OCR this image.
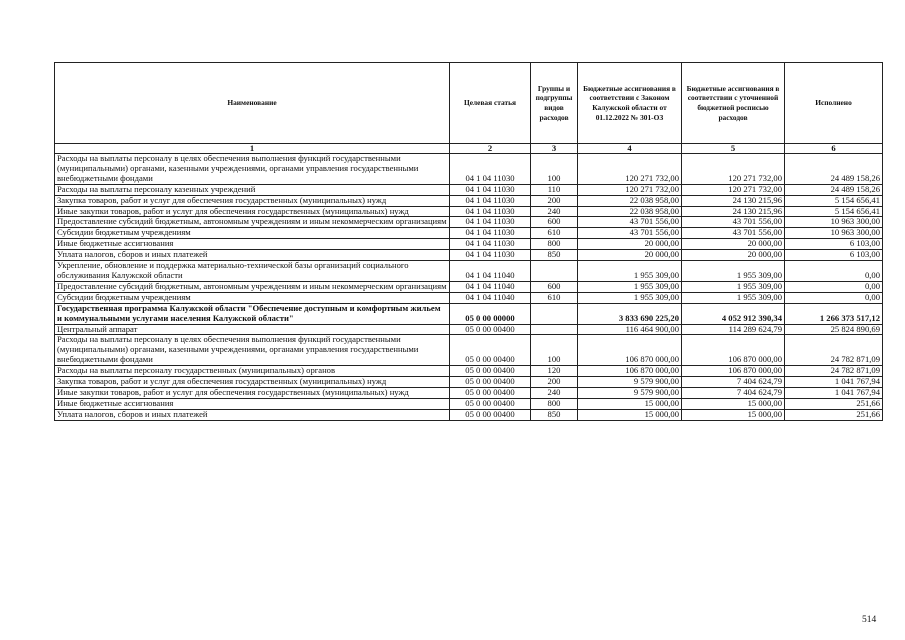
Наименование	Целевая статья	Группы и подгруппы видов расходов	Бюджетные ассигнования в соответствии с Законом Калужской области от 01.12.2022 № 301-ОЗ	Бюджетные ассигнования в соответствии с уточненной бюджетной росписью расходов	Исполнено
1	2	3	4	5	6
Расходы на выплаты персоналу в целях обеспечения выполнения функций государственными (муниципальными) органами, казенными учреждениями, органами управления государственными внебюджетными фондами	04 1 04 11030	100	120 271 732,00	120 271 732,00	24 489 158,26
Расходы на выплаты персоналу казенных учреждений	04 1 04 11030	110	120 271 732,00	120 271 732,00	24 489 158,26
Закупка товаров, работ и услуг для обеспечения государственных (муниципальных) нужд	04 1 04 11030	200	22 038 958,00	24 130 215,96	5 154 656,41
Иные закупки товаров, работ и услуг для обеспечения государственных (муниципальных) нужд	04 1 04 11030	240	22 038 958,00	24 130 215,96	5 154 656,41
Предоставление субсидий бюджетным, автономным учреждениям и иным некоммерческим организациям	04 1 04 11030	600	43 701 556,00	43 701 556,00	10 963 300,00
Субсидии бюджетным учреждениям	04 1 04 11030	610	43 701 556,00	43 701 556,00	10 963 300,00
Иные бюджетные ассигнования	04 1 04 11030	800	20 000,00	20 000,00	6 103,00
Уплата налогов, сборов и иных платежей	04 1 04 11030	850	20 000,00	20 000,00	6 103,00
Укрепление, обновление и поддержка материально-технической базы организаций социального обслуживания Калужской области	04 1 04 11040		1 955 309,00	1 955 309,00	0,00
Предоставление субсидий бюджетным, автономным учреждениям и иным некоммерческим организациям	04 1 04 11040	600	1 955 309,00	1 955 309,00	0,00
Субсидии бюджетным учреждениям	04 1 04 11040	610	1 955 309,00	1 955 309,00	0,00
Государственная программа Калужской области "Обеспечение доступным и комфортным жильем и коммунальными услугами населения Калужской области"	05 0 00 00000		3 833 690 225,20	4 052 912 390,34	1 266 373 517,12
Центральный аппарат	05 0 00 00400		116 464 900,00	114 289 624,79	25 824 890,69
Расходы на выплаты персоналу в целях обеспечения выполнения функций государственными (муниципальными) органами, казенными учреждениями, органами управления государственными внебюджетными фондами	05 0 00 00400	100	106 870 000,00	106 870 000,00	24 782 871,09
Расходы на выплаты персоналу государственных (муниципальных) органов	05 0 00 00400	120	106 870 000,00	106 870 000,00	24 782 871,09
Закупка товаров, работ и услуг для обеспечения государственных (муниципальных) нужд	05 0 00 00400	200	9 579 900,00	7 404 624,79	1 041 767,94
Иные закупки товаров, работ и услуг для обеспечения государственных (муниципальных) нужд	05 0 00 00400	240	9 579 900,00	7 404 624,79	1 041 767,94
Иные бюджетные ассигнования	05 0 00 00400	800	15 000,00	15 000,00	251,66
Уплата налогов, сборов и иных платежей	05 0 00 00400	850	15 000,00	15 000,00	251,66
514
